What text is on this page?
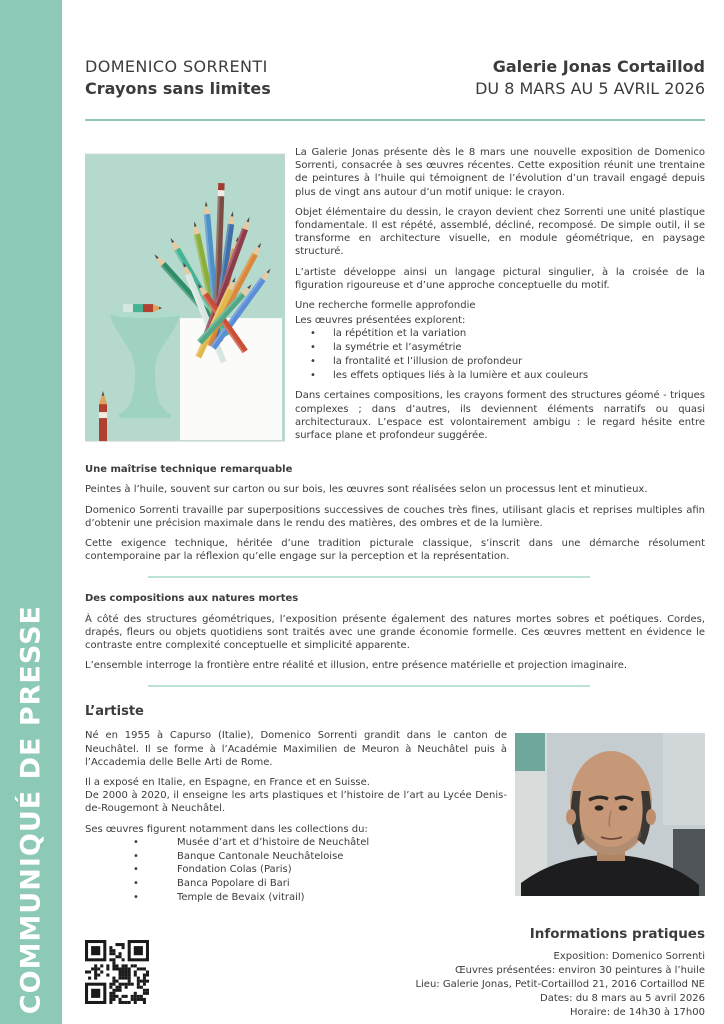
COMMUNIQUÉ DE PRESSE
DOMENICO SORRENTI
Crayons sans limites
Galerie Jonas Cortaillod
DU 8 MARS AU 5 AVRIL 2026

La Galerie Jonas présente dès le 8 mars une nouvelle exposition de Domenico Sorrenti, consacrée à ses œuvres récentes. Cette exposition réunit une trentaine de peintures à l’huile qui témoignent de l’évolution d’un travail engagé depuis plus de vingt ans autour d’un motif unique: le crayon.

Objet élémentaire du dessin, le crayon devient chez Sorrenti une unité plastique fondamentale. Il est répété, assemblé, décliné, recomposé. De simple outil, il se transforme en architecture visuelle, en module géométrique, en paysage structuré.

L’artiste développe ainsi un langage pictural singulier, à la croisée de la figuration rigoureuse et d’une approche conceptuelle du motif.

Une recherche formelle approfondie

Les œuvres présentées explorent:

•
la répétition et la variation
•
la symétrie et l’asymétrie
•
la frontalité et l’illusion de profondeur
•
les effets optiques liés à la lumière et aux couleurs

Dans certaines compositions, les crayons forment des structures géomé - triques complexes ; dans d’autres, ils deviennent éléments narratifs ou quasi architecturaux. L’espace est volontairement ambigu : le regard hésite entre surface plane et profondeur suggérée.

Une maîtrise technique remarquable

Peintes à l’huile, souvent sur carton ou sur bois, les œuvres sont réalisées selon un processus lent et minutieux.

Domenico Sorrenti travaille par superpositions successives de couches très fines, utilisant glacis et reprises multiples afin d’obtenir une précision maximale dans le rendu des matières, des ombres et de la lumière.

Cette exigence technique, héritée d’une tradition picturale classique, s’inscrit dans une démarche résolument contemporaine par la réflexion qu’elle engage sur la perception et la représentation.

Des compositions aux natures mortes

À côté des structures géométriques, l’exposition présente également des natures mortes sobres et poétiques. Cordes, drapés, fleurs ou objets quotidiens sont traités avec une grande économie formelle. Ces œuvres mettent en évidence le contraste entre complexité conceptuelle et simplicité apparente.

L’ensemble interroge la frontière entre réalité et illusion, entre présence matérielle et projection imaginaire.

L’artiste

Né en 1955 à Capurso (Italie), Domenico Sorrenti grandit dans le canton de Neuchâtel. Il se forme à l’Académie Maximilien de Meuron à Neuchâtel puis à l’Accademia delle Belle Arti de Rome.

Il a exposé en Italie, en Espagne, en France et en Suisse.

De 2000 à 2020, il enseigne les arts plastiques et l’histoire de l’art au Lycée Denis-de-Rougemont à Neuchâtel.

Ses œuvres figurent notamment dans les collections du:

•
Musée d’art et d’histoire de Neuchâtel
•
Banque Cantonale Neuchâteloise
•
Fondation Colas (Paris)
•
Banca Popolare di Bari
•
Temple de Bevaix (vitrail)
Informations pratiques
Exposition: Domenico Sorrenti
Œuvres présentées: environ 30 peintures à l’huile
Lieu: Galerie Jonas, Petit-Cortaillod 21, 2016 Cortaillod NE
Dates: du 8 mars au 5 avril 2026
Horaire: de 14h30 à 17h00
